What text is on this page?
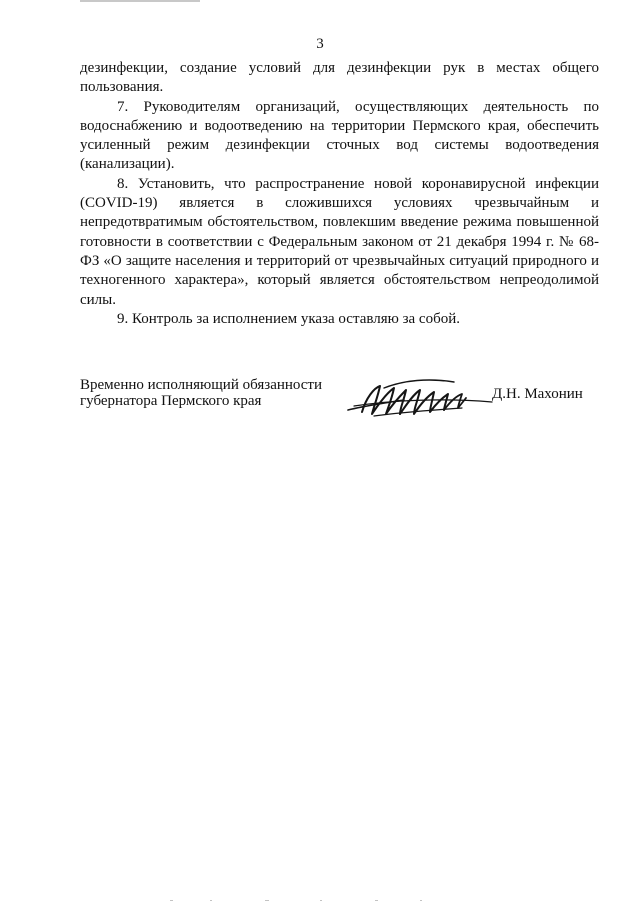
3

дезинфекции, создание условий для дезинфекции рук в местах общего пользования.

7. Руководителям организаций, осуществляющих деятельность по водоснабжению и водоотведению на территории Пермского края, обеспечить усиленный режим дезинфекции сточных вод системы водоотведения (канализации).

8. Установить, что распространение новой коронавирусной инфекции (COVID-19) является в сложившихся условиях чрезвычайным и непредотвратимым обстоятельством, повлекшим введение режима повышенной готовности в соответствии с Федеральным законом от 21 декабря 1994 г. № 68-ФЗ «О защите населения и территорий от чрезвычайных ситуаций природного и техногенного характера», который является обстоятельством непреодолимой силы.

9. Контроль за исполнением указа оставляю за собой.

Временно исполняющий обязанности
губернатора Пермского края	Д.Н. Махонин
